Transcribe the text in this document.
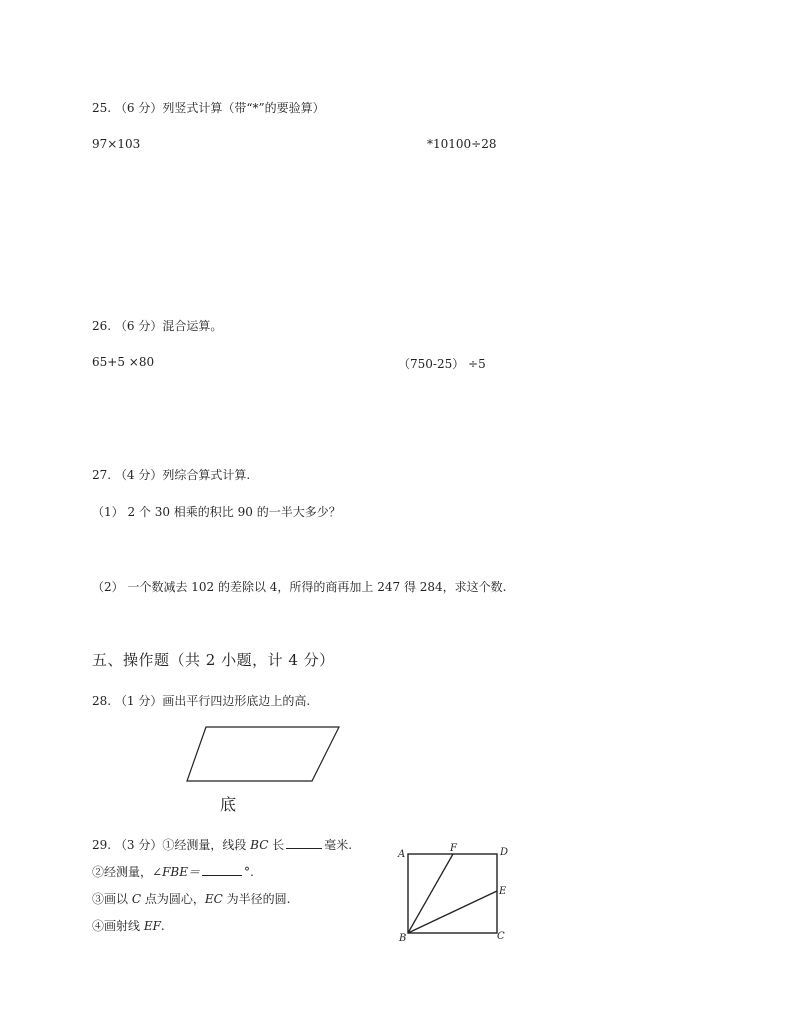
25. （6 分）列竖式计算（带“*”的要验算）
97×103	*10100÷28
26. （6 分）混合运算。
65+5 ×80	（750-25） ÷5
27. （4 分）列综合算式计算.
（1） 2 个 30 相乘的积比 90 的一半大多少？
（2） 一个数减去 102 的差除以 4，所得的商再加上 247 得 284，求这个数.
五、操作题（共 2 小题，计 4 分）
28. （1 分）画出平行四边形底边上的高.
底
29. （3 分）①经测量，线段 BC 长	毫米.
②经测量，∠FBE＝	°.
③画以 C 点为圆心，EC 为半径的圆.
④画射线 EF.
A
F	D
E
B	C
